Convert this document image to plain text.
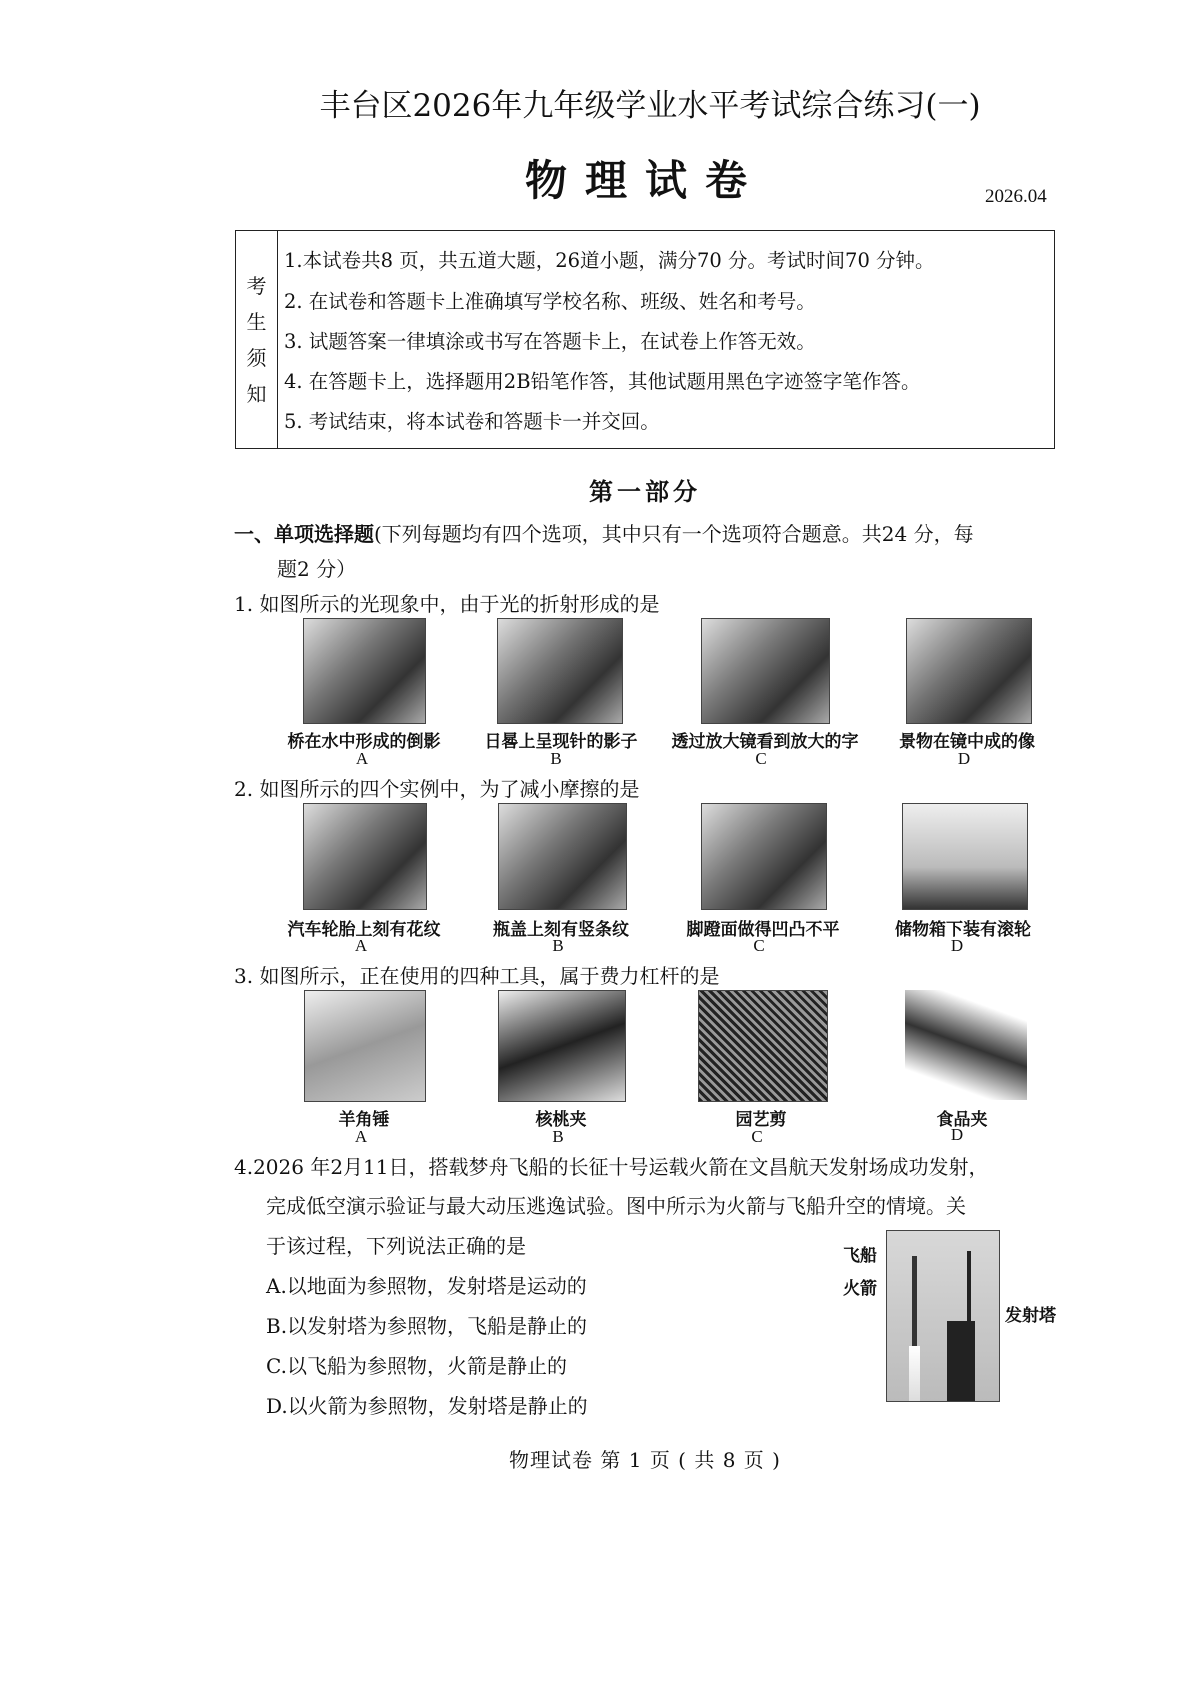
丰台区2026年九年级学业水平考试综合练习(一)
物理试卷	2026.04
考
生
须
知
1.本试卷共8 页，共五道大题，26道小题，满分70 分。考试时间70 分钟。
2. 在试卷和答题卡上准确填写学校名称、班级、姓名和考号。
3. 试题答案一律填涂或书写在答题卡上，在试卷上作答无效。
4. 在答题卡上，选择题用2B铅笔作答，其他试题用黑色字迹签字笔作答。
5. 考试结束，将本试卷和答题卡一并交回。
第一部分
一、单项选择题(下列每题均有四个选项，其中只有一个选项符合题意。共24 分，每
题2 分）
1. 如图所示的光现象中，由于光的折射形成的是
桥在水中形成的倒影	日晷上呈现针的影子	透过放大镜看到放大的字	景物在镜中成的像
A	B	C	D
2. 如图所示的四个实例中，为了减小摩擦的是
汽车轮胎上刻有花纹	瓶盖上刻有竖条纹	脚蹬面做得凹凸不平	储物箱下装有滚轮
A	B	C	D
3. 如图所示，正在使用的四种工具，属于费力杠杆的是
羊角锤	核桃夹	园艺剪	食品夹
A	B	C	D
4.2026 年2月11日，搭载梦舟飞船的长征十号运载火箭在文昌航天发射场成功发射，
完成低空演示验证与最大动压逃逸试验。图中所示为火箭与飞船升空的情境。关
于该过程，下列说法正确的是
A.以地面为参照物，发射塔是运动的
B.以发射塔为参照物，飞船是静止的
C.以飞船为参照物，火箭是静止的
D.以火箭为参照物，发射塔是静止的
飞船
火箭
发射塔
物理试卷 第 1 页 ( 共 8 页 )
